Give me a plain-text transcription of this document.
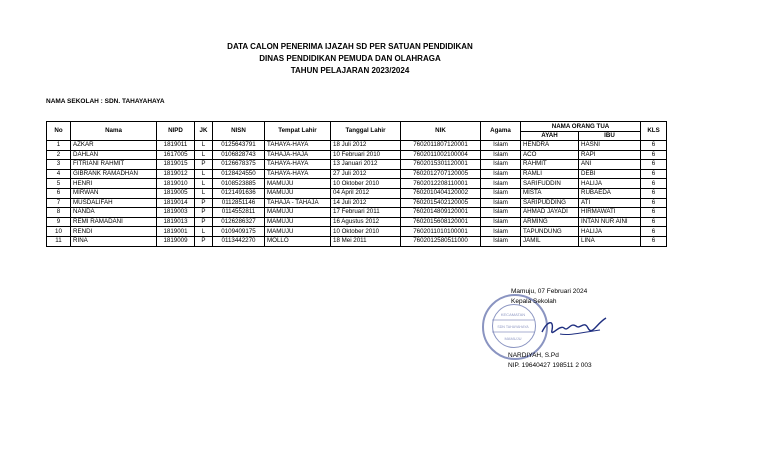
DATA CALON PENERIMA IJAZAH SD PER SATUAN PENDIDIKAN
DINAS PENDIDIKAN PEMUDA DAN OLAHRAGA
TAHUN PELAJARAN 2023/2024
NAMA SEKOLAH : SDN. TAHAYAHAYA
No	Nama	NIPD	JK	NISN	Tempat Lahir	Tanggal Lahir	NIK	Agama	NAMA ORANG TUA		KLS
									AYAH	IBU	
1	AZKAR	1819011	L	0125643791	TAHAYA-HAYA	18 Juli 2012	7602011807120001	Islam	HENDRA	HASNI	6
2	DAHLAN	1617005	L	0106828743	TAHAJA-HAJA	10 Februari 2010	7602011002100004	Islam	ACO	RAPI	6
3	FITRIANI RAHMIT	1819015	P	0126678375	TAHAYA-HAYA	13 Januari 2012	7602015301120001	Islam	RAHMIT	ANI	6
4	GIBRANK RAMADHAN	1819012	L	0128424550	TAHAYA-HAYA	27 Juli 2012	7602012707120005	Islam	RAMLI	DEBI	6
5	HENRI	1819010	L	0108523885	MAMUJU	10 Oktober 2010	7602012208110001	Islam	SARIFUDDIN	HALIJA	6
6	MIRWAN	1819005	L	0121491636	MAMUJU	04 April 2012	7602010404120002	Islam	MISTA	RUBAEDA	6
7	MUSDALIFAH	1819014	P	0112851146	TAHAJA - TAHAJA	14 Juli 2012	7602015402120005	Islam	SARIPUDDING	ATI	6
8	NANDA	1819003	P	0114552811	MAMUJU	17 Februari 2011	7602014809120001	Islam	AHMAD JAYADI	HIRMAWATI	6
9	REMI RAMADANI	1819013	P	0126286327	MAMUJU	16 Agustus 2012	7602015608120001	Islam	ARMING	INTAN NUR AINI	6
10	RENDI	1819001	L	0109409175	MAMUJU	10 Oktober 2010	7602011010100001	Islam	TAPUNDUNG	HALIJA	6
11	RINA	1819009	P	0113442270	MOLLO	18 Mei 2011	7602012580511000	Islam	JAMIL	LINA	6
KECAMATAN
SDN TAHAYAHAYA
MAMUJU
Mamuju, 07 Februari 2024
Kepala Sekolah
NARDIYAH, S.Pd
NIP. 19640427 198511 2 003
